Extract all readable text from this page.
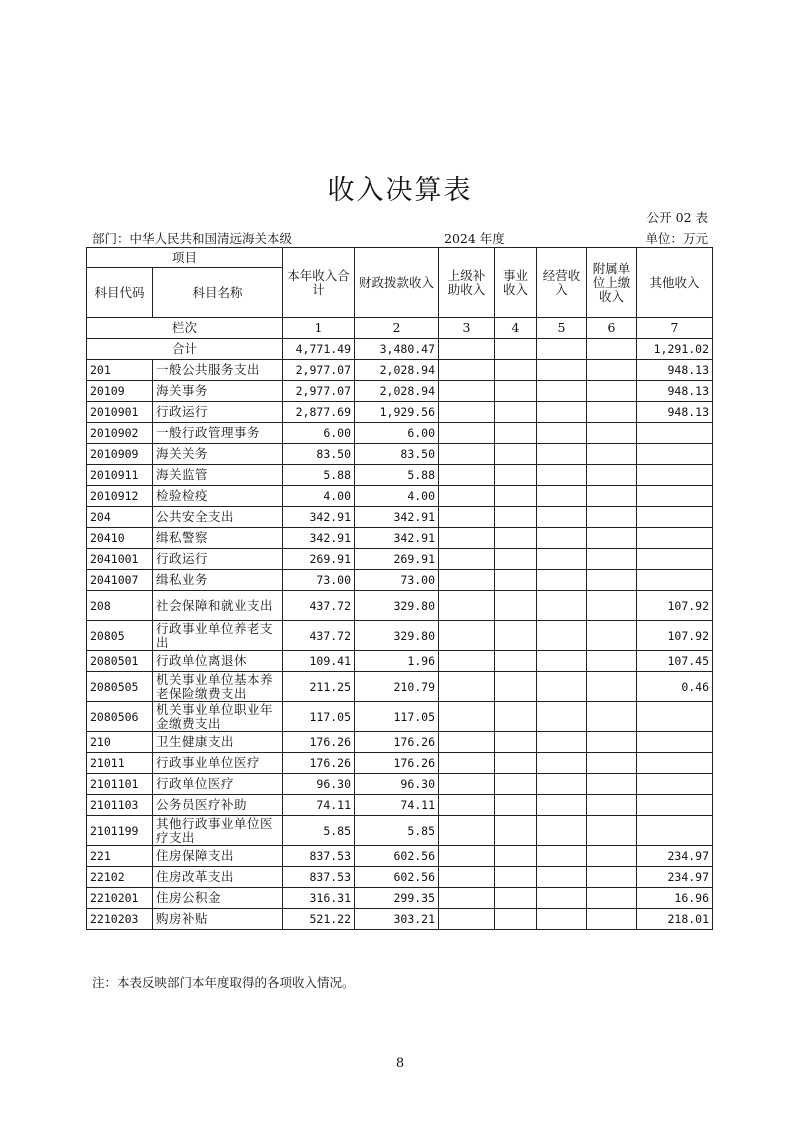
收入决算表
公开 02 表
部门：中华人民共和国清远海关本级	2024 年度	单位：万元
项目		本年收入合计	财政拨款收入	上级补助收入	事业收入	经营收入	附属单位上缴收入	其他收入
科目代码	科目名称							
栏次		1	2	3	4	5	6	7
合计		4,771.49	3,480.47					1,291.02
201	一般公共服务支出	2,977.07	2,028.94					948.13
20109	海关事务	2,977.07	2,028.94					948.13
2010901	行政运行	2,877.69	1,929.56					948.13
2010902	一般行政管理事务	6.00	6.00					
2010909	海关关务	83.50	83.50					
2010911	海关监管	5.88	5.88					
2010912	检验检疫	4.00	4.00					
204	公共安全支出	342.91	342.91					
20410	缉私警察	342.91	342.91					
2041001	行政运行	269.91	269.91					
2041007	缉私业务	73.00	73.00					
208	社会保障和就业支出	437.72	329.80					107.92
20805	行政事业单位养老支出	437.72	329.80					107.92
2080501	行政单位离退休	109.41	1.96					107.45
2080505	机关事业单位基本养老保险缴费支出	211.25	210.79					0.46
2080506	机关事业单位职业年金缴费支出	117.05	117.05					
210	卫生健康支出	176.26	176.26					
21011	行政事业单位医疗	176.26	176.26					
2101101	行政单位医疗	96.30	96.30					
2101103	公务员医疗补助	74.11	74.11					
2101199	其他行政事业单位医疗支出	5.85	5.85					
221	住房保障支出	837.53	602.56					234.97
22102	住房改革支出	837.53	602.56					234.97
2210201	住房公积金	316.31	299.35					16.96
2210203	购房补贴	521.22	303.21					218.01
注：本表反映部门本年度取得的各项收入情况。
8
